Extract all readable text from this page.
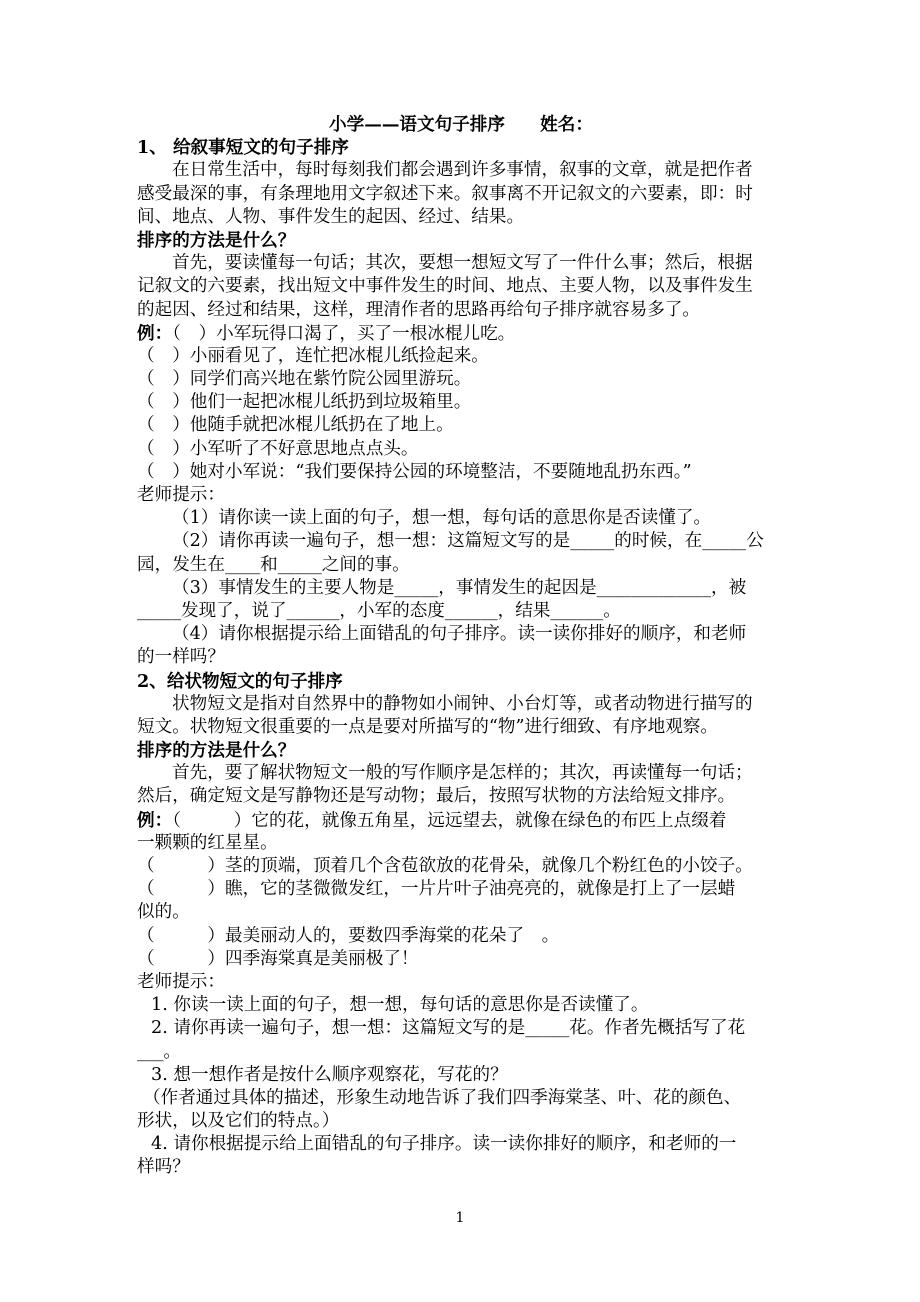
小学——语文句子排序　　姓名：
1、 给叙事短文的句子排序
在日常生活中，每时每刻我们都会遇到许多事情，叙事的文章，就是把作者
感受最深的事，有条理地用文字叙述下来。叙事离不开记叙文的六要素，即：时
间、地点、人物、事件发生的起因、经过、结果。
排序的方法是什么？
首先，要读懂每一句话；其次，要想一想短文写了一件什么事；然后，根据
记叙文的六要素，找出短文中事件发生的时间、地点、主要人物，以及事件发生
的起因、经过和结果，这样，理清作者的思路再给句子排序就容易多了。
例：（　）小军玩得口渴了，买了一根冰棍儿吃。
（　）小丽看见了，连忙把冰棍儿纸捡起来。
（　）同学们高兴地在紫竹院公园里游玩。
（　）他们一起把冰棍儿纸扔到垃圾箱里。
（　）他随手就把冰棍儿纸扔在了地上。
（　）小军听了不好意思地点点头。
（　）她对小军说：“我们要保持公园的环境整洁，不要随地乱扔东西。”
老师提示：
（1）请你读一读上面的句子，想一想，每句话的意思你是否读懂了。
（2）请你再读一遍句子，想一想：这篇短文写的是_____的时候，在_____公
园，发生在____和_____之间的事。
（3）事情发生的主要人物是_____，事情发生的起因是_____________，被
_____发现了，说了______，小军的态度______，结果______。
（4）请你根据提示给上面错乱的句子排序。读一读你排好的顺序，和老师
的一样吗？
2、给状物短文的句子排序
状物短文是指对自然界中的静物如小闹钟、小台灯等，或者动物进行描写的
短文。状物短文很重要的一点是要对所描写的“物”进行细致、有序地观察。
排序的方法是什么？
首先，要了解状物短文一般的写作顺序是怎样的；其次，再读懂每一句话；
然后，确定短文是写静物还是写动物；最后，按照写状物的方法给短文排序。
例：（　　　）它的花，就像五角星，远远望去，就像在绿色的布匹上点缀着
一颗颗的红星星。
（　　　）茎的顶端，顶着几个含苞欲放的花骨朵，就像几个粉红色的小饺子。
（　　　）瞧，它的茎微微发红，一片片叶子油亮亮的，就像是打上了一层蜡
似的。
（　　　）最美丽动人的，要数四季海棠的花朵了　。
（　　　）四季海棠真是美丽极了！
老师提示：
1. 你读一读上面的句子，想一想，每句话的意思你是否读懂了。
2. 请你再读一遍句子，想一想：这篇短文写的是_____花。作者先概括写了花
___。
3. 想一想作者是按什么顺序观察花，写花的？
（作者通过具体的描述，形象生动地告诉了我们四季海棠茎、叶、花的颜色、
形状，以及它们的特点。）
4. 请你根据提示给上面错乱的句子排序。读一读你排好的顺序，和老师的一
样吗？
1
